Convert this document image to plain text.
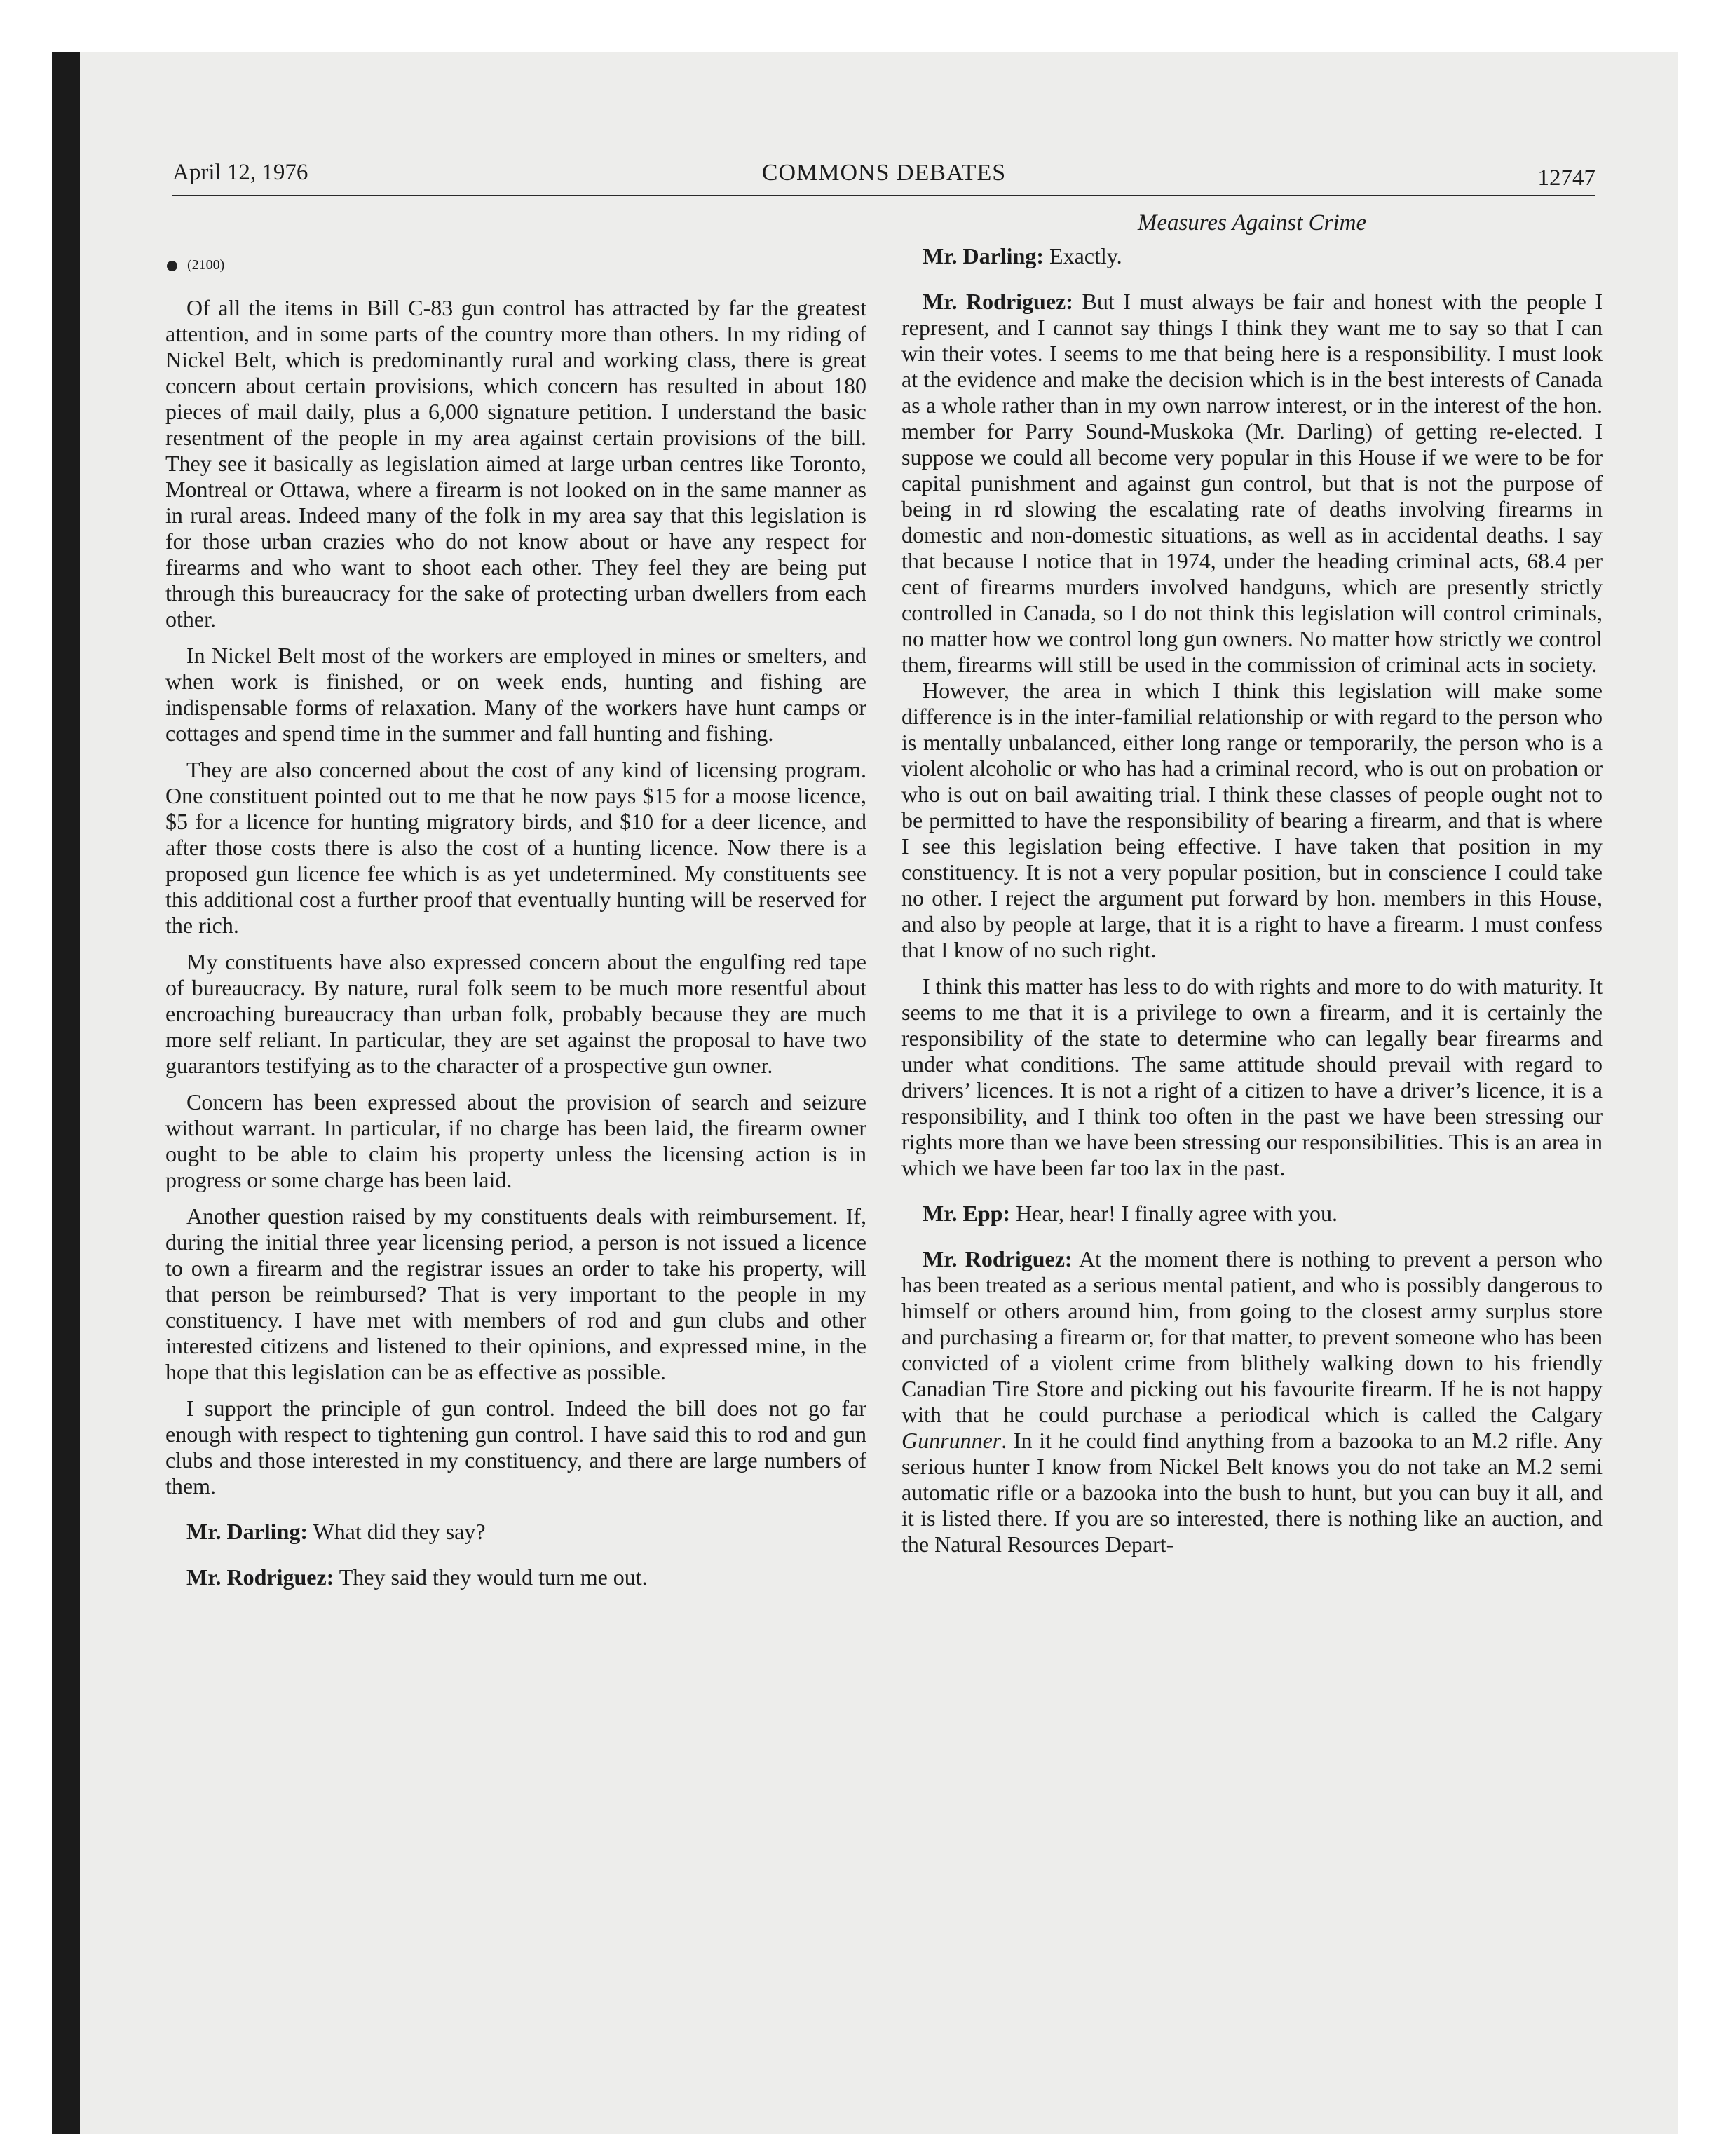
April 12, 1976	COMMONS DEBATES	12747
(2100)

Of all the items in Bill C-83 gun control has attracted by far the greatest attention, and in some parts of the country more than others. In my riding of Nickel Belt, which is predominantly rural and working class, there is great concern about certain provisions, which concern has resulted in about 180 pieces of mail daily, plus a 6,000 signature petition. I understand the basic resentment of the people in my area against certain provisions of the bill. They see it basically as legislation aimed at large urban centres like Toronto, Montreal or Ottawa, where a firearm is not looked on in the same manner as in rural areas. Indeed many of the folk in my area say that this legislation is for those urban crazies who do not know about or have any respect for firearms and who want to shoot each other. They feel they are being put through this bureaucracy for the sake of protecting urban dwellers from each other.

In Nickel Belt most of the workers are employed in mines or smelters, and when work is finished, or on week ends, hunting and fishing are indispensable forms of relaxation. Many of the workers have hunt camps or cottages and spend time in the summer and fall hunting and fishing.

They are also concerned about the cost of any kind of licensing program. One constituent pointed out to me that he now pays $15 for a moose licence, $5 for a licence for hunting migratory birds, and $10 for a deer licence, and after those costs there is also the cost of a hunting licence. Now there is a proposed gun licence fee which is as yet undetermined. My constituents see this additional cost a further proof that eventually hunting will be reserved for the rich.

My constituents have also expressed concern about the engulfing red tape of bureaucracy. By nature, rural folk seem to be much more resentful about encroaching bureaucracy than urban folk, probably because they are much more self reliant. In particular, they are set against the proposal to have two guarantors testifying as to the character of a prospective gun owner.

Concern has been expressed about the provision of search and seizure without warrant. In particular, if no charge has been laid, the firearm owner ought to be able to claim his property unless the licensing action is in progress or some charge has been laid.

Another question raised by my constituents deals with reimbursement. If, during the initial three year licensing period, a person is not issued a licence to own a firearm and the registrar issues an order to take his property, will that person be reimbursed? That is very important to the people in my constituency. I have met with members of rod and gun clubs and other interested citizens and listened to their opinions, and expressed mine, in the hope that this legislation can be as effective as possible.

I support the principle of gun control. Indeed the bill does not go far enough with respect to tightening gun control. I have said this to rod and gun clubs and those interested in my constituency, and there are large numbers of them.

Mr. Darling: What did they say?

Mr. Rodriguez: They said they would turn me out.

Measures Against Crime

Mr. Darling: Exactly.

Mr. Rodriguez: But I must always be fair and honest with the people I represent, and I cannot say things I think they want me to say so that I can win their votes. I seems to me that being here is a responsibility. I must look at the evidence and make the decision which is in the best interests of Canada as a whole rather than in my own narrow interest, or in the interest of the hon. member for Parry Sound-Muskoka (Mr. Darling) of getting re-elected. I suppose we could all become very popular in this House if we were to be for capital punishment and against gun control, but that is not the purpose of being in rd slowing the escalating rate of deaths involving firearms in domestic and non-domestic situations, as well as in accidental deaths. I say that because I notice that in 1974, under the heading criminal acts, 68.4 per cent of firearms murders involved handguns, which are presently strictly controlled in Canada, so I do not think this legislation will control criminals, no matter how we control long gun owners. No matter how strictly we control them, firearms will still be used in the commission of criminal acts in society.

However, the area in which I think this legislation will make some difference is in the inter-familial relationship or with regard to the person who is mentally unbalanced, either long range or temporarily, the person who is a violent alcoholic or who has had a criminal record, who is out on probation or who is out on bail awaiting trial. I think these classes of people ought not to be permitted to have the responsibility of bearing a firearm, and that is where I see this legislation being effective. I have taken that position in my constituency. It is not a very popular position, but in conscience I could take no other. I reject the argument put forward by hon. members in this House, and also by people at large, that it is a right to have a firearm. I must confess that I know of no such right.

I think this matter has less to do with rights and more to do with maturity. It seems to me that it is a privilege to own a firearm, and it is certainly the responsibility of the state to determine who can legally bear firearms and under what conditions. The same attitude should prevail with regard to drivers’ licences. It is not a right of a citizen to have a driver’s licence, it is a responsibility, and I think too often in the past we have been stressing our rights more than we have been stressing our responsibilities. This is an area in which we have been far too lax in the past.

Mr. Epp: Hear, hear! I finally agree with you.

Mr. Rodriguez: At the moment there is nothing to prevent a person who has been treated as a serious mental patient, and who is possibly dangerous to himself or others around him, from going to the closest army surplus store and purchasing a firearm or, for that matter, to prevent someone who has been convicted of a violent crime from blithely walking down to his friendly Canadian Tire Store and picking out his favourite firearm. If he is not happy with that he could purchase a periodical which is called the Calgary Gunrunner. In it he could find anything from a bazooka to an M.2 rifle. Any serious hunter I know from Nickel Belt knows you do not take an M.2 semi automatic rifle or a bazooka into the bush to hunt, but you can buy it all, and it is listed there. If you are so interested, there is nothing like an auction, and the Natural Resources Depart-
